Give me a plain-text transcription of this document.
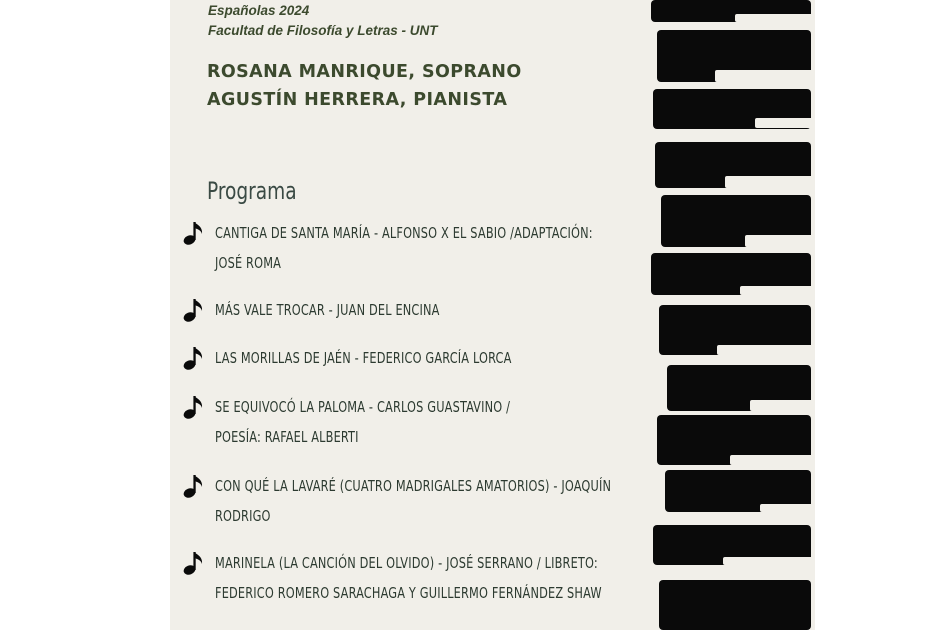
Españolas 2024
Facultad de Filosofía y Letras - UNT
ROSANA MANRIQUE, SOPRANO
AGUSTÍN HERRERA, PIANISTA
Programa
CANTIGA DE SANTA MARÍA - ALFONSO X EL SABIO /ADAPTACIÓN:
JOSÉ ROMA
MÁS VALE TROCAR - JUAN DEL ENCINA
LAS MORILLAS DE JAÉN - FEDERICO GARCÍA LORCA
SE EQUIVOCÓ LA PALOMA - CARLOS GUASTAVINO /
POESÍA: RAFAEL ALBERTI
CON QUÉ LA LAVARÉ (CUATRO MADRIGALES AMATORIOS) - JOAQUÍN
RODRIGO
MARINELA (LA CANCIÓN DEL OLVIDO) - JOSÉ SERRANO / LIBRETO:
FEDERICO ROMERO SARACHAGA Y GUILLERMO FERNÁNDEZ SHAW
